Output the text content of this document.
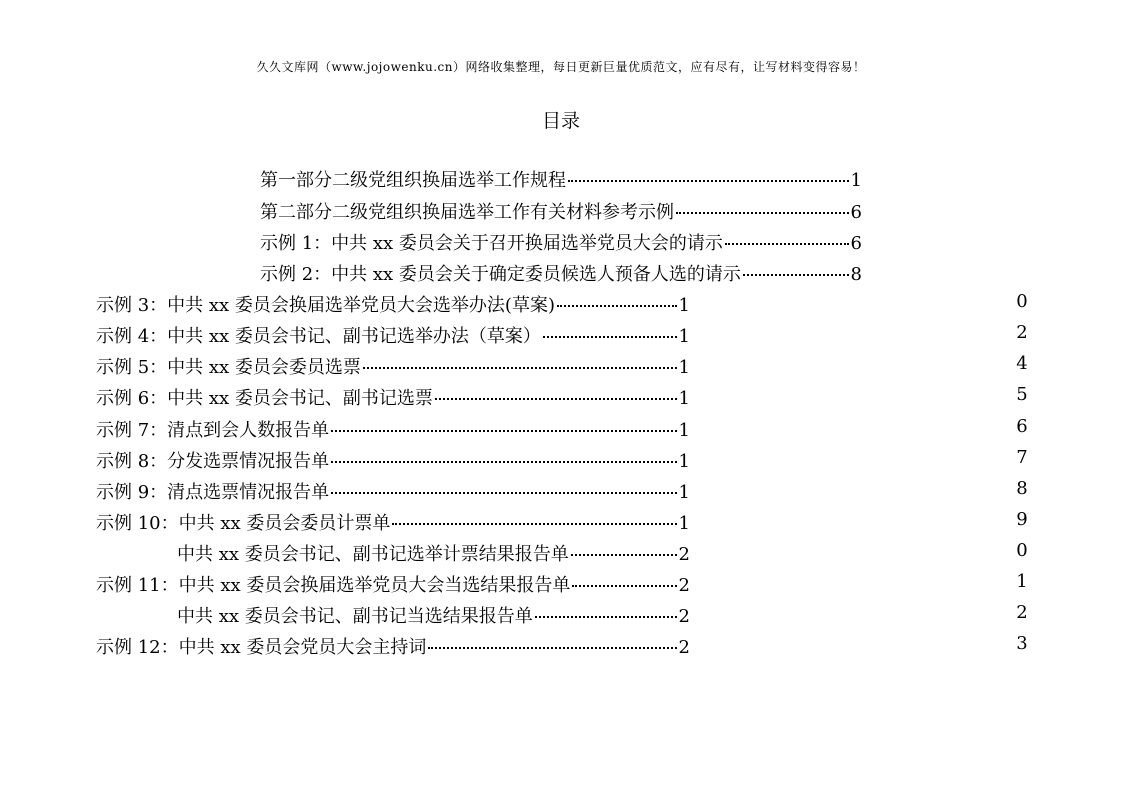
久久文库网（www.jojowenku.cn）网络收集整理，每日更新巨量优质范文，应有尽有，让写材料变得容易！
目录
第一部分二级党组织换届选举工作规程	1
第二部分二级党组织换届选举工作有关材料参考示例	6
示例 1：中共 xx 委员会关于召开换届选举党员大会的请示	6
示例 2：中共 xx 委员会关于确定委员候选人预备人选的请示	8
示例 3：中共 xx 委员会换届选举党员大会选举办法(草案)	1	0
示例 4：中共 xx 委员会书记、副书记选举办法（草案）	1	2
示例 5：中共 xx 委员会委员选票	1	4
示例 6：中共 xx 委员会书记、副书记选票	1	5
示例 7：清点到会人数报告单	1	6
示例 8：分发选票情况报告单	1	7
示例 9：清点选票情况报告单	1	8
示例 10：中共 xx 委员会委员计票单	1	9
中共 xx 委员会书记、副书记选举计票结果报告单	2	0
示例 11：中共 xx 委员会换届选举党员大会当选结果报告单	2	1
中共 xx 委员会书记、副书记当选结果报告单	2	2
示例 12：中共 xx 委员会党员大会主持词	2	3
